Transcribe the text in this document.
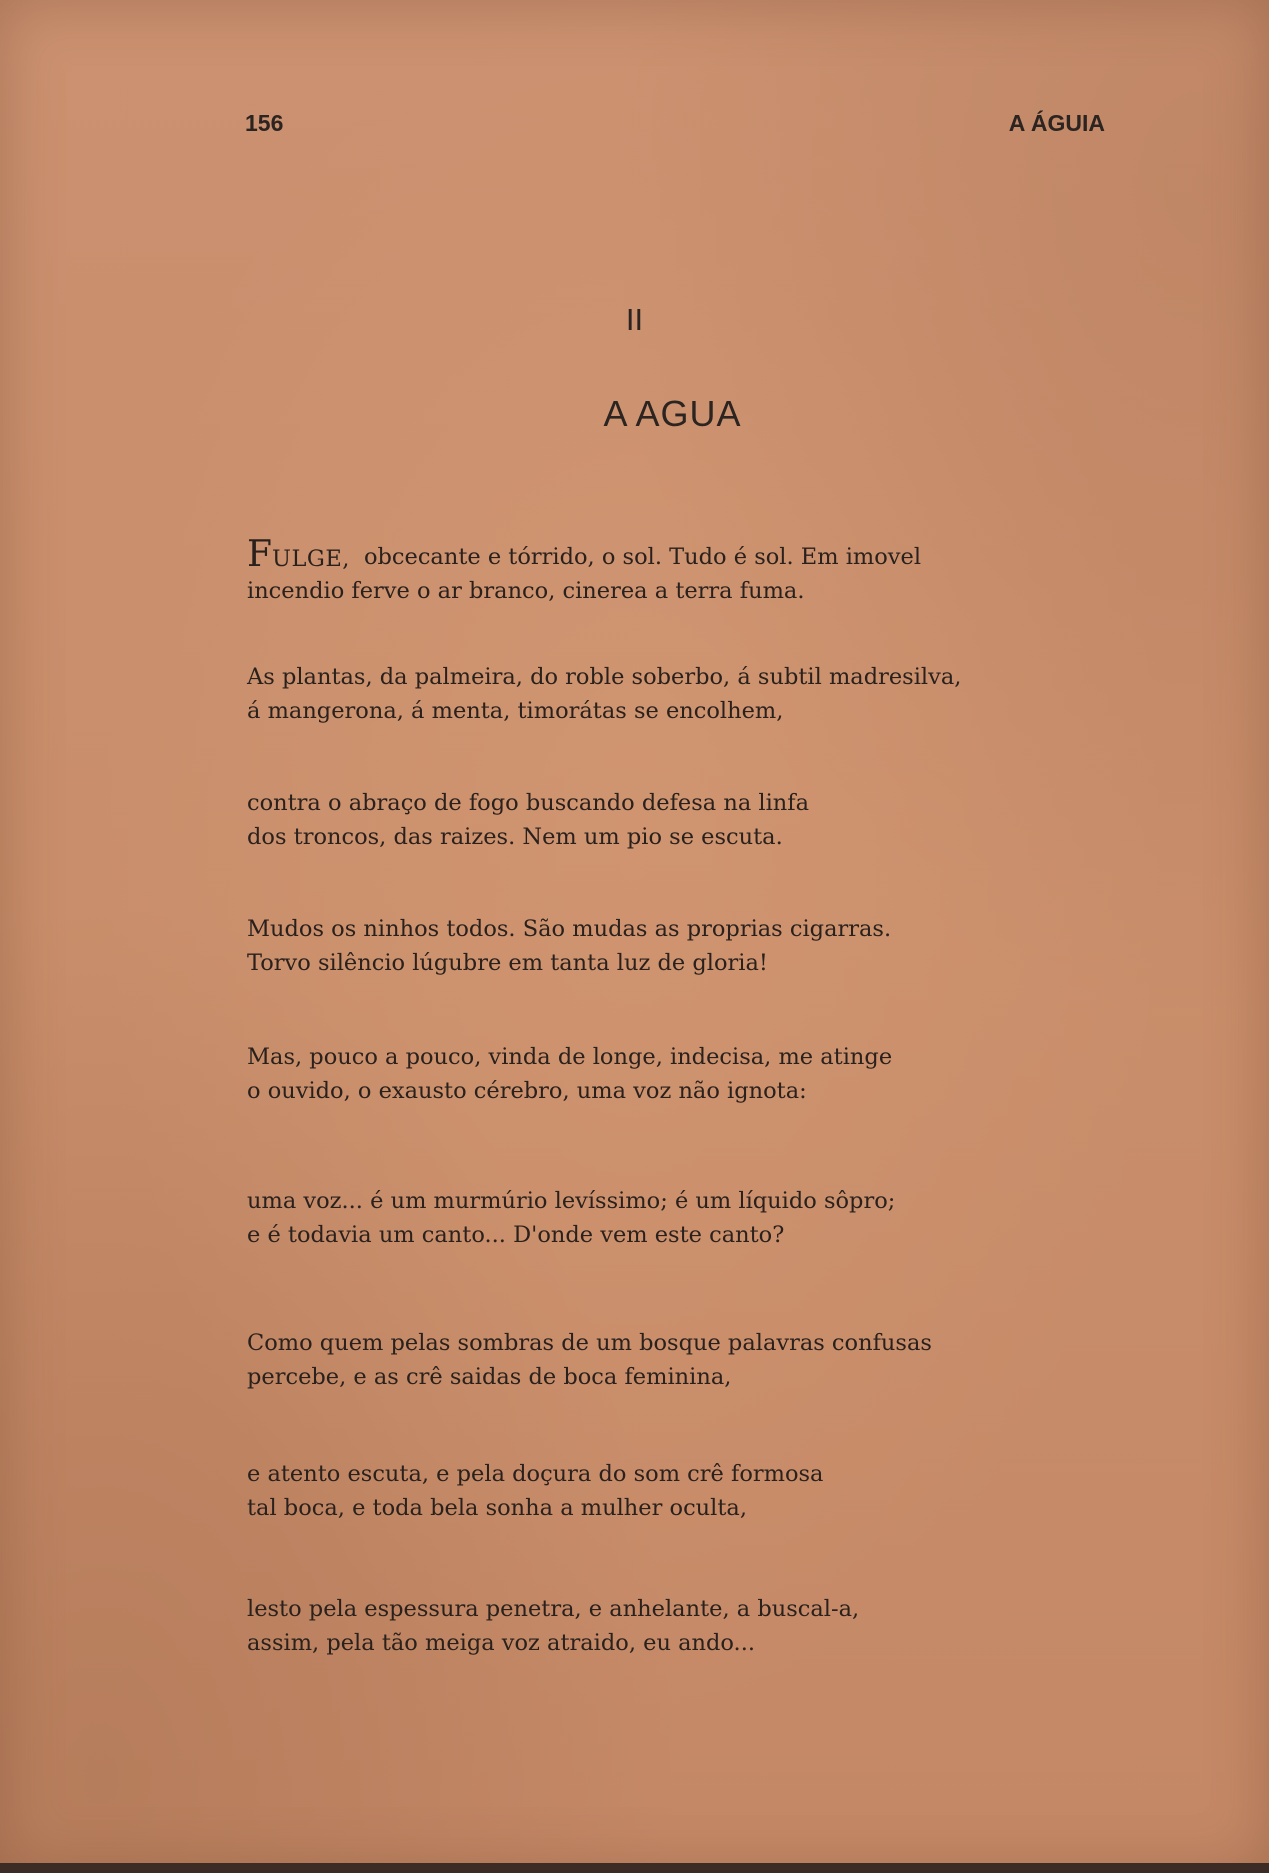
156	A ÁGUIA
II
A AGUA
FULGE, obcecante e tórrido, o sol. Tudo é sol. Em imovel
incendio ferve o ar branco, cinerea a terra fuma.
As plantas, da palmeira, do roble soberbo, á subtil madresilva,
á mangerona, á menta, timorátas se encolhem,
contra o abraço de fogo buscando defesa na linfa
dos troncos, das raizes. Nem um pio se escuta.
Mudos os ninhos todos. São mudas as proprias cigarras.
Torvo silêncio lúgubre em tanta luz de gloria!
Mas, pouco a pouco, vinda de longe, indecisa, me atinge
o ouvido, o exausto cérebro, uma voz não ignota:
uma voz... é um murmúrio levíssimo; é um líquido sôpro;
e é todavia um canto... D'onde vem este canto?
Como quem pelas sombras de um bosque palavras confusas
percebe, e as crê saidas de boca feminina,
e atento escuta, e pela doçura do som crê formosa
tal boca, e toda bela sonha a mulher oculta,
lesto pela espessura penetra, e anhelante, a buscal-a,
assim, pela tão meiga voz atraido, eu ando...
